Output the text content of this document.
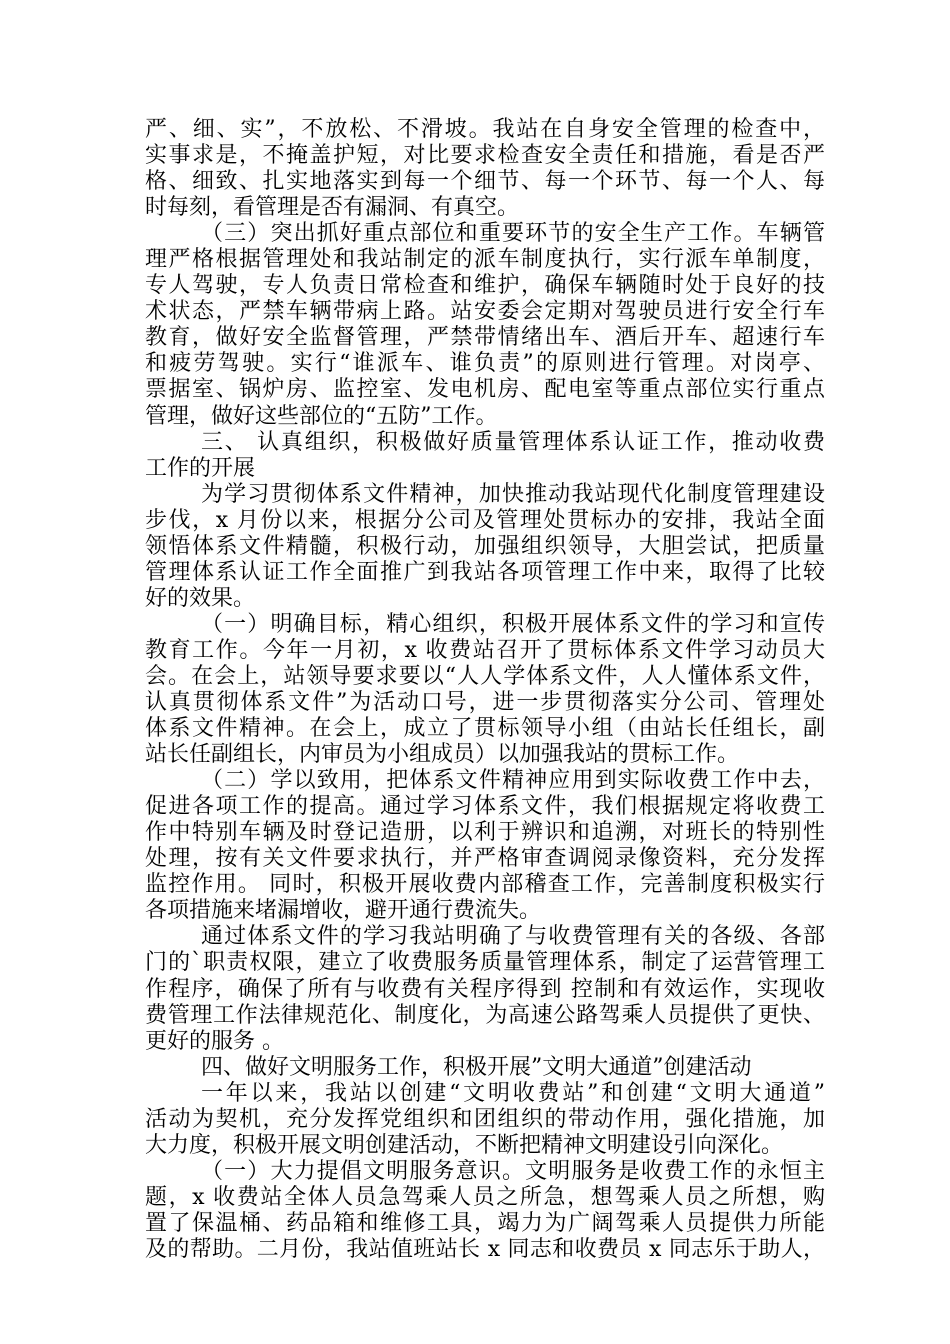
严、细、实”，不放松、不滑坡。我站在自身安全管理的检查中，
实事求是，不掩盖护短，对比要求检查安全责任和措施，看是否严
格、细致、扎实地落实到每一个细节、每一个环节、每一个人、每
时每刻，看管理是否有漏洞、有真空。
（三）突出抓好重点部位和重要环节的安全生产工作。车辆管
理严格根据管理处和我站制定的派车制度执行，实行派车单制度，
专人驾驶，专人负责日常检查和维护，确保车辆随时处于良好的技
术状态，严禁车辆带病上路。站安委会定期对驾驶员进行安全行车
教育，做好安全监督管理，严禁带情绪出车、酒后开车、超速行车
和疲劳驾驶。实行“谁派车、谁负责”的原则进行管理。对岗亭、
票据室、锅炉房、监控室、发电机房、配电室等重点部位实行重点
管理，做好这些部位的“五防”工作。
三、 认真组织，积极做好质量管理体系认证工作，推动收费
工作的开展
为学习贯彻体系文件精神，加快推动我站现代化制度管理建设
步伐，x 月份以来，根据分公司及管理处贯标办的安排，我站全面
领悟体系文件精髓，积极行动，加强组织领导，大胆尝试，把质量
管理体系认证工作全面推广到我站各项管理工作中来，取得了比较
好的效果。
（一）明确目标，精心组织，积极开展体系文件的学习和宣传
教育工作。今年一月初，x 收费站召开了贯标体系文件学习动员大
会。在会上，站领导要求要以“人人学体系文件，人人懂体系文件，
认真贯彻体系文件”为活动口号，进一步贯彻落实分公司、管理处
体系文件精神。在会上，成立了贯标领导小组（由站长任组长，副
站长任副组长，内审员为小组成员）以加强我站的贯标工作。
（二）学以致用，把体系文件精神应用到实际收费工作中去，
促进各项工作的提高。通过学习体系文件，我们根据规定将收费工
作中特别车辆及时登记造册，以利于辨识和追溯，对班长的特别性
处理，按有关文件要求执行，并严格审查调阅录像资料，充分发挥
监控作用。 同时，积极开展收费内部稽查工作，完善制度积极实行
各项措施来堵漏增收，避开通行费流失。
通过体系文件的学习我站明确了与收费管理有关的各级、各部
门的`职责权限，建立了收费服务质量管理体系，制定了运营管理工
作程序，确保了所有与收费有关程序得到 控制和有效运作，实现收
费管理工作法律规范化、制度化，为高速公路驾乘人员提供了更快、
更好的服务 。
四、做好文明服务工作，积极开展”文明大通道”创建活动
一年以来，我站以创建“文明收费站”和创建“文明大通道”
活动为契机，充分发挥党组织和团组织的带动作用，强化措施，加
大力度，积极开展文明创建活动，不断把精神文明建设引向深化。
（一）大力提倡文明服务意识。文明服务是收费工作的永恒主
题，x 收费站全体人员急驾乘人员之所急，想驾乘人员之所想，购
置了保温桶、药品箱和维修工具，竭力为广阔驾乘人员提供力所能
及的帮助。二月份，我站值班站长 x 同志和收费员 x 同志乐于助人，
